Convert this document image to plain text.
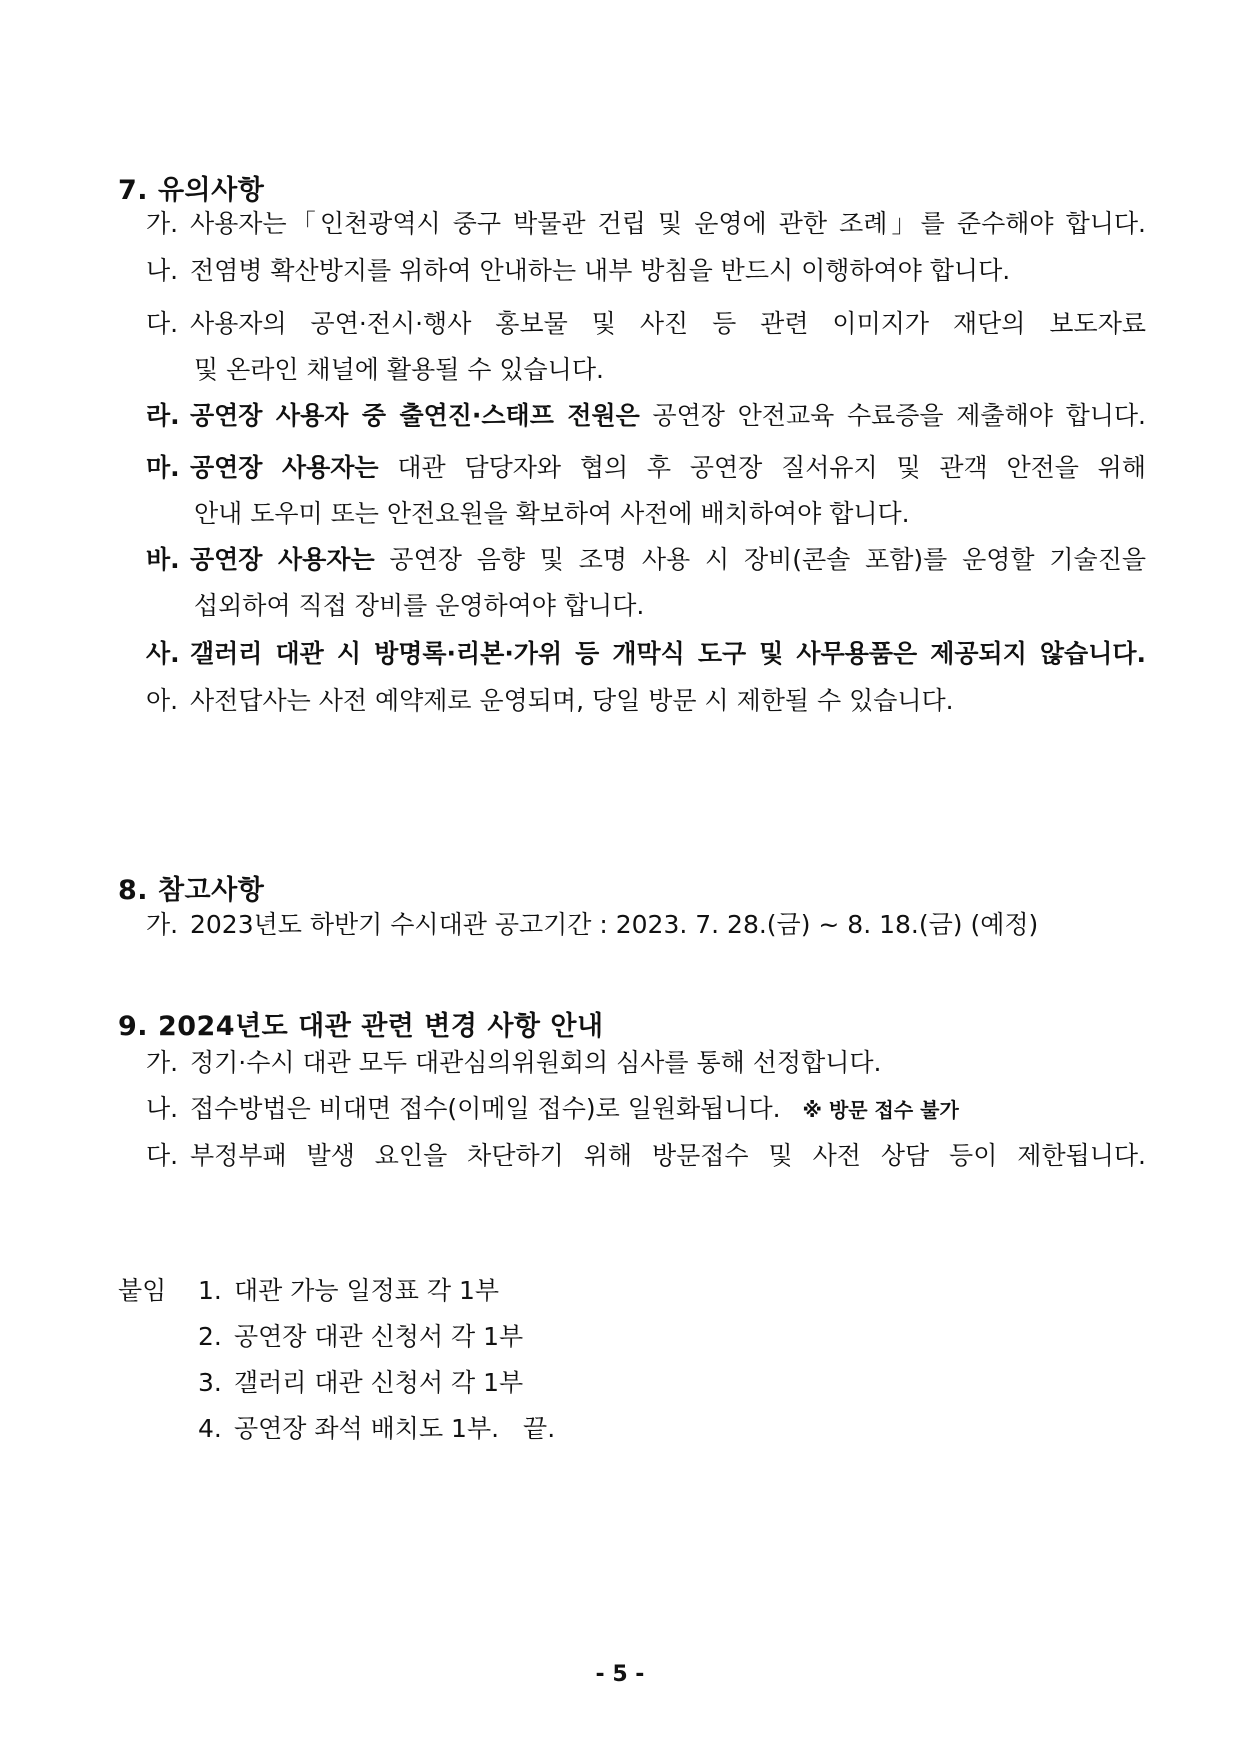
7. 유의사항
가. 사용자는「인천광역시 중구 박물관 건립 및 운영에 관한 조례」를 준수해야 합니다.
나. 전염병 확산방지를 위하여 안내하는 내부 방침을 반드시 이행하여야 합니다.
다. 사용자의 공연·전시·행사 홍보물 및 사진 등 관련 이미지가 재단의 보도자료

및 온라인 채널에 활용될 수 있습니다.

라. 공연장 사용자 중 출연진·스태프 전원은 공연장 안전교육 수료증을 제출해야 합니다.
마. 공연장 사용자는 대관 담당자와 협의 후 공연장 질서유지 및 관객 안전을 위해

안내 도우미 또는 안전요원을 확보하여 사전에 배치하여야 합니다.

바. 공연장 사용자는 공연장 음향 및 조명 사용 시 장비(콘솔 포함)를 운영할 기술진을

섭외하여 직접 장비를 운영하여야 합니다.

사. 갤러리 대관 시 방명록·리본·가위 등 개막식 도구 및 사무용품은 제공되지 않습니다.
아. 사전답사는 사전 예약제로 운영되며, 당일 방문 시 제한될 수 있습니다.
8. 참고사항
가. 2023년도 하반기 수시대관 공고기간 : 2023. 7. 28.(금) ~ 8. 18.(금) (예정)
9. 2024년도 대관 관련 변경 사항 안내
가. 정기·수시 대관 모두 대관심의위원회의 심사를 통해 선정합니다.
나. 접수방법은 비대면 접수(이메일 접수)로 일원화됩니다. ※ 방문 접수 불가
다. 부정부패 발생 요인을 차단하기 위해 방문접수 및 사전 상담 등이 제한됩니다.
붙임 1. 대관 가능 일정표 각 1부
2. 공연장 대관 신청서 각 1부
3. 갤러리 대관 신청서 각 1부
4. 공연장 좌석 배치도 1부. 끝.
- 5 -
